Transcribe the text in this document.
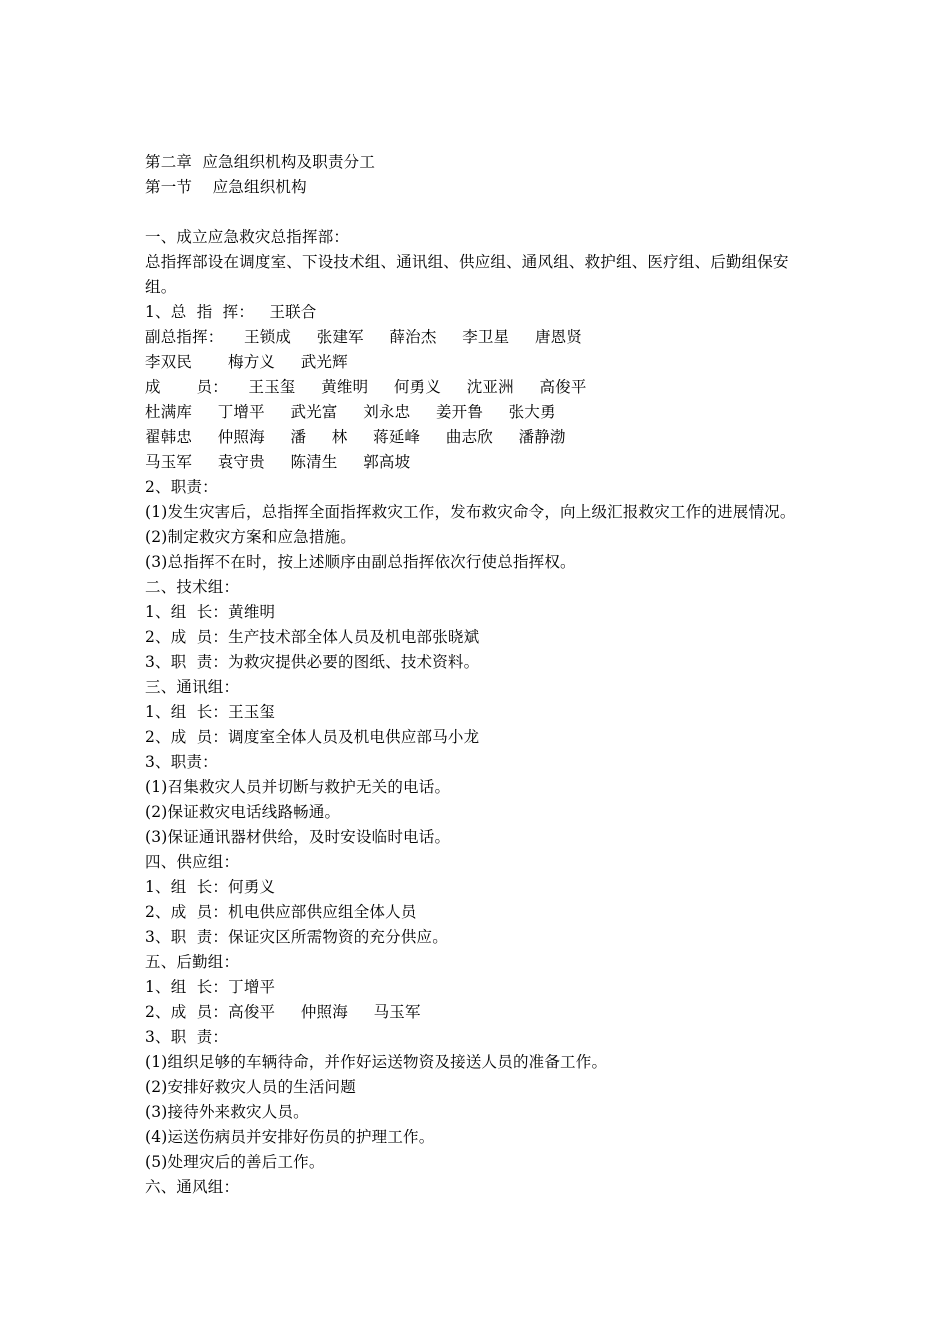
第二章  应急组织机构及职责分工
第一节    应急组织机构
一、成立应急救灾总指挥部：
总指挥部设在调度室、下设技术组、通讯组、供应组、通风组、救护组、医疗组、后勤组保安组。
1、总  指  挥：   王联合
副总指挥：    王锁成     张建军     薛治杰     李卫星     唐恩贤
李双民       梅方义     武光辉
成       员：    王玉玺     黄维明     何勇义     沈亚洲     高俊平
杜满库     丁增平     武光富     刘永忠     姜开鲁     张大勇
翟韩忠     仲照海     潘     林     蒋延峰     曲志欣     潘静渤
马玉军     袁守贵     陈清生     郭高坡
2、职责：
(1)发生灾害后，总指挥全面指挥救灾工作，发布救灾命令，向上级汇报救灾工作的进展情况。
(2)制定救灾方案和应急措施。
(3)总指挥不在时，按上述顺序由副总指挥依次行使总指挥权。
二、技术组：
1、组  长：黄维明
2、成  员：生产技术部全体人员及机电部张晓斌
3、职  责：为救灾提供必要的图纸、技术资料。
三、通讯组：
1、组  长：王玉玺
2、成  员：调度室全体人员及机电供应部马小龙
3、职责：
(1)召集救灾人员并切断与救护无关的电话。
(2)保证救灾电话线路畅通。
(3)保证通讯器材供给，及时安设临时电话。
四、供应组：
1、组  长：何勇义
2、成  员：机电供应部供应组全体人员
3、职  责：保证灾区所需物资的充分供应。
五、后勤组：
1、组  长：丁增平
2、成  员：高俊平     仲照海     马玉军
3、职  责：
(1)组织足够的车辆待命，并作好运送物资及接送人员的准备工作。
(2)安排好救灾人员的生活问题
(3)接待外来救灾人员。
(4)运送伤病员并安排好伤员的护理工作。
(5)处理灾后的善后工作。
六、通风组：
